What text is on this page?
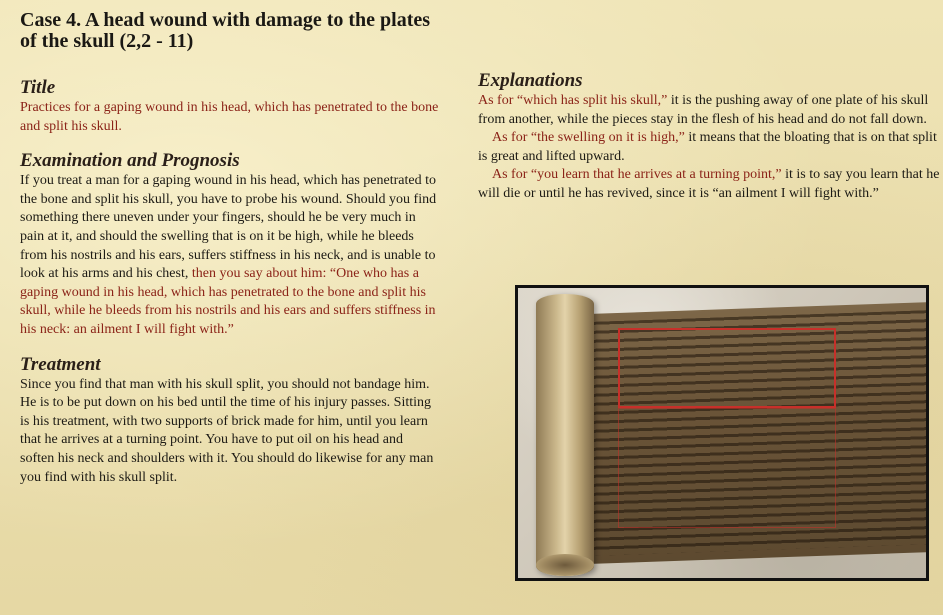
Case 4. A head wound with damage to the plates of the skull (2,2 - 11)
Title

Practices for a gaping wound in his head, which has penetrated to the bone and split his skull.

Examination and Prognosis

If you treat a man for a gaping wound in his head, which has penetrated to the bone and split his skull, you have to probe his wound. Should you find something there uneven under your fingers, should he be very much in pain at it, and should the swelling that is on it be high, while he bleeds from his nostrils and his ears, suffers stiffness in his neck, and is unable to look at his arms and his chest, then you say about him: “One who has a gaping wound in his head, which has penetrated to the bone and split his skull, while he bleeds from his nostrils and his ears and suffers stiffness in his neck: an ailment I will fight with.”

Treatment

Since you find that man with his skull split, you should not bandage him. He is to be put down on his bed until the time of his injury passes. Sitting is his treatment, with two supports of brick made for him, until you learn that he arrives at a turning point. You have to put oil on his head and soften his neck and shoulders with it. You should do likewise for any man you find with his skull split.

Explanations

As for “which has split his skull,” it is the pushing away of one plate of his skull from another, while the pieces stay in the flesh of his head and do not fall down.

As for “the swelling on it is high,” it means that the bloating that is on that split is great and lifted upward.

As for “you learn that he arrives at a turning point,” it is to say you learn that he will die or until he has revived, since it is “an ailment I will fight with.”
